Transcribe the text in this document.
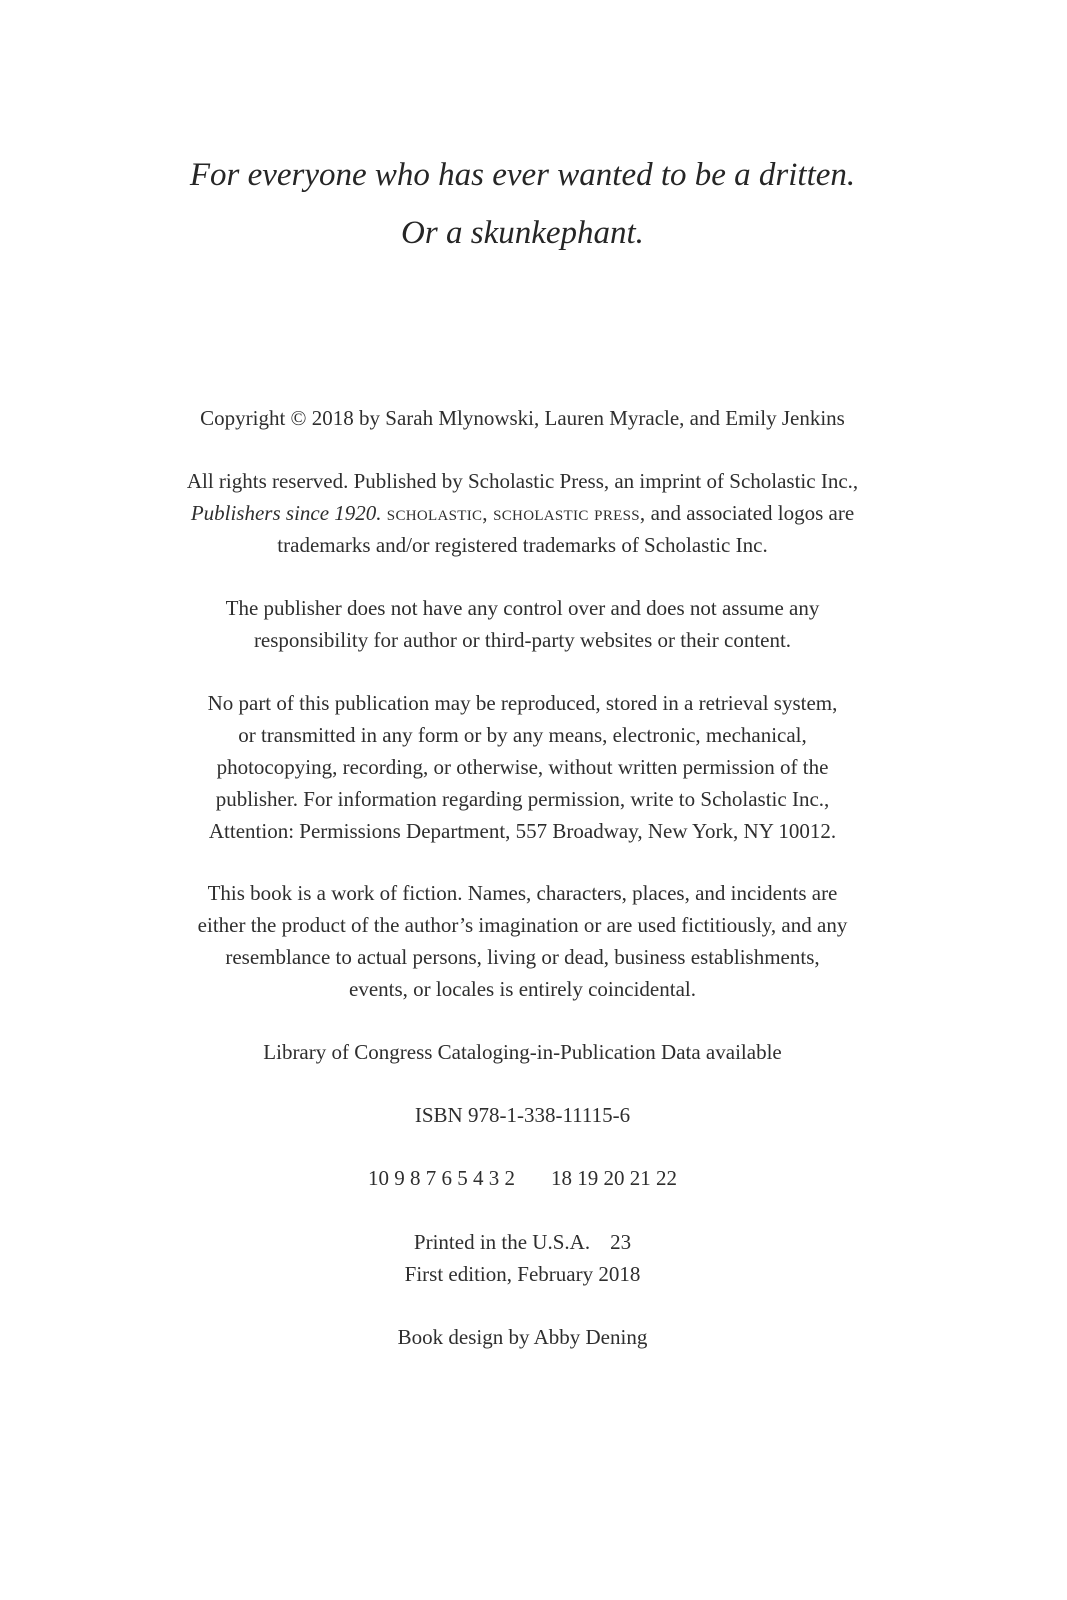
For everyone who has ever wanted to be a dritten.
Or a skunkephant.
Copyright © 2018 by Sarah Mlynowski, Lauren Myracle, and Emily Jenkins
All rights reserved. Published by Scholastic Press, an imprint of Scholastic Inc.,
Publishers since 1920. scholastic, scholastic press, and associated logos are
trademarks and/or registered trademarks of Scholastic Inc.
The publisher does not have any control over and does not assume any
responsibility for author or third-party websites or their content.
No part of this publication may be reproduced, stored in a retrieval system,
or transmitted in any form or by any means, electronic, mechanical,
photocopying, recording, or otherwise, without written permission of the
publisher. For information regarding permission, write to Scholastic Inc.,
Attention: Permissions Department, 557 Broadway, New York, NY 10012.
This book is a work of fiction. Names, characters, places, and incidents are
either the product of the author’s imagination or are used fictitiously, and any
resemblance to actual persons, living or dead, business establishments,
events, or locales is entirely coincidental.
Library of Congress Cataloging-in-Publication Data available
ISBN 978-1-338-11115-6
10 9 8 7 6 5 4 3 2 18 19 20 21 22
Printed in the U.S.A. 23
First edition, February 2018
Book design by Abby Dening
